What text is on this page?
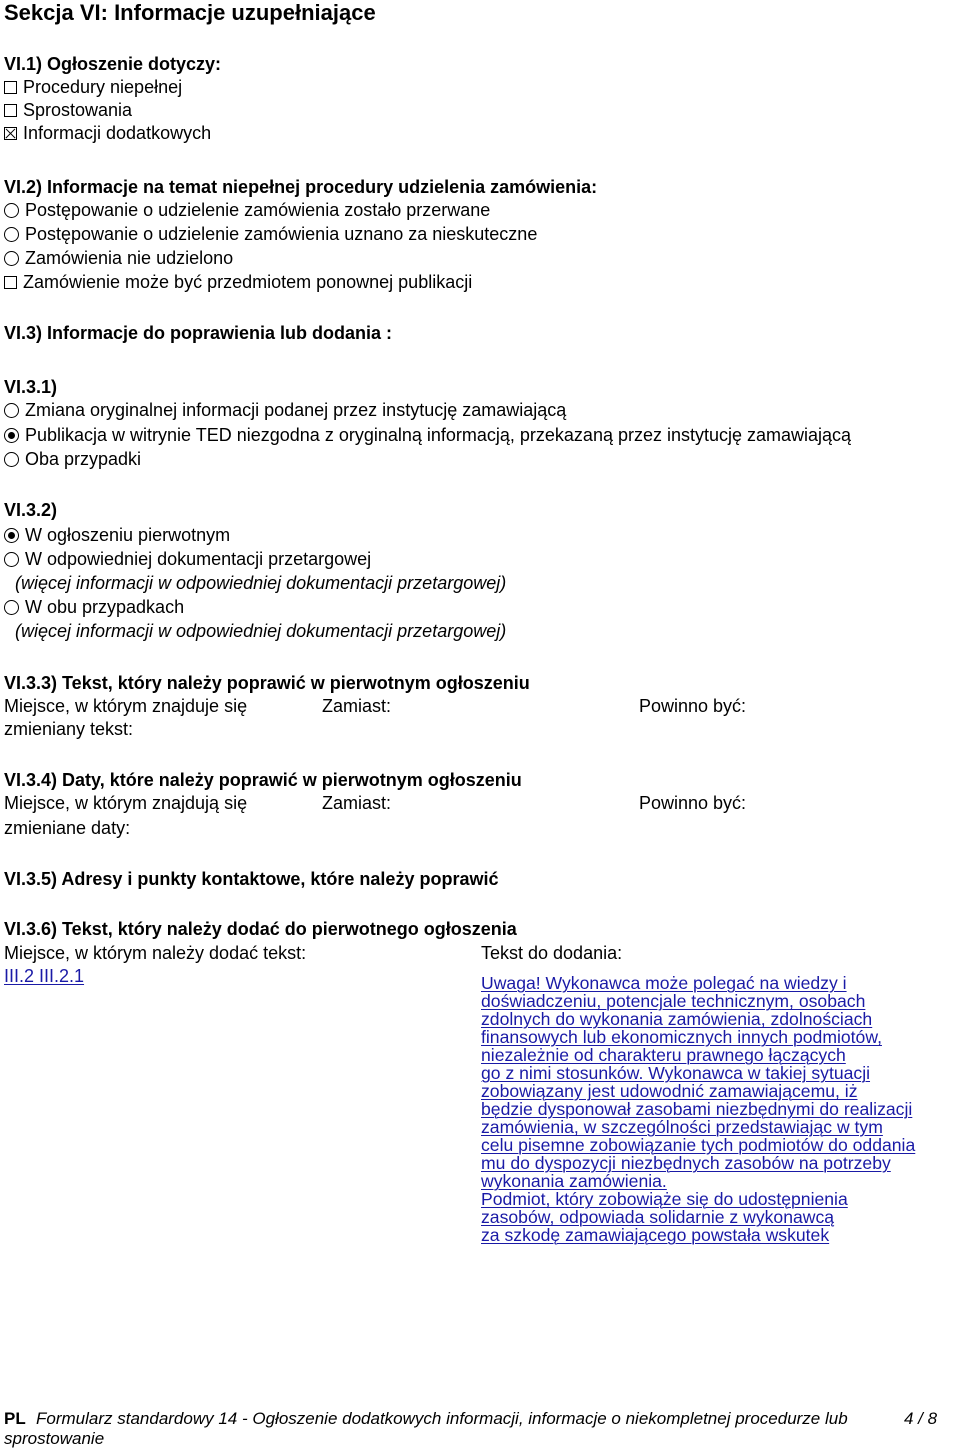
Sekcja VI: Informacje uzupełniające
VI.1) Ogłoszenie dotyczy:
Procedury niepełnej
Sprostowania
Informacji dodatkowych
VI.2) Informacje na temat niepełnej procedury udzielenia zamówienia:
Postępowanie o udzielenie zamówienia zostało przerwane
Postępowanie o udzielenie zamówienia uznano za nieskuteczne
Zamówienia nie udzielono
Zamówienie może być przedmiotem ponownej publikacji
VI.3) Informacje do poprawienia lub dodania :
VI.3.1)
Zmiana oryginalnej informacji podanej przez instytucję zamawiającą
Publikacja w witrynie TED niezgodna z oryginalną informacją, przekazaną przez instytucję zamawiającą
Oba przypadki
VI.3.2)
W ogłoszeniu pierwotnym
W odpowiedniej dokumentacji przetargowej
(więcej informacji w odpowiedniej dokumentacji przetargowej)
W obu przypadkach
(więcej informacji w odpowiedniej dokumentacji przetargowej)
VI.3.3) Tekst, który należy poprawić w pierwotnym ogłoszeniu
Miejsce, w którym znajduje się
zmieniany tekst:
Zamiast:	Powinno być:
VI.3.4) Daty, które należy poprawić w pierwotnym ogłoszeniu
Miejsce, w którym znajdują się
zmieniane daty:
Zamiast:	Powinno być:
VI.3.5) Adresy i punkty kontaktowe, które należy poprawić
VI.3.6) Tekst, który należy dodać do pierwotnego ogłoszenia
Miejsce, w którym należy dodać tekst:	Tekst do dodania:
III.2 III.2.1	Uwaga! Wykonawca może polegać na wiedzy i
doświadczeniu, potencjale technicznym, osobach
zdolnych do wykonania zamówienia, zdolnościach
finansowych lub ekonomicznych innych podmiotów,
niezależnie od charakteru prawnego łączących
go z nimi stosunków. Wykonawca w takiej sytuacji
zobowiązany jest udowodnić zamawiającemu, iż
będzie dysponował zasobami niezbędnymi do realizacji
zamówienia, w szczególności przedstawiając w tym
celu pisemne zobowiązanie tych podmiotów do oddania
mu do dyspozycji niezbędnych zasobów na potrzeby
wykonania zamówienia.
Podmiot, który zobowiąże się do udostępnienia
zasobów, odpowiada solidarnie z wykonawcą
za szkodę zamawiającego powstała wskutek
PL Formularz standardowy 14 - Ogłoszenie dodatkowych informacji, informacje o niekompletnej procedurze lub
sprostowanie
4 / 8
